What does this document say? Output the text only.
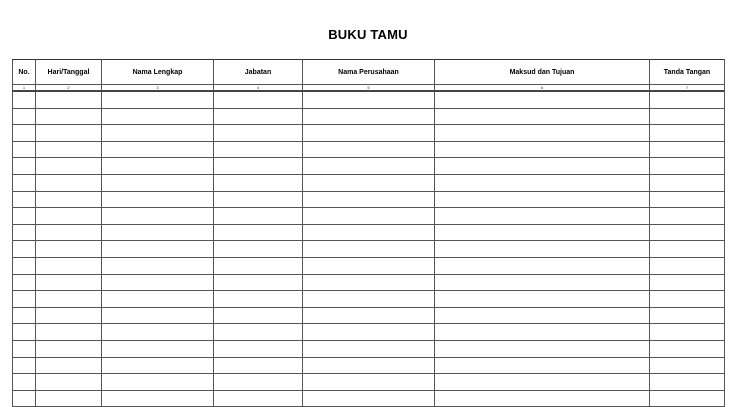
BUKU TAMU
No.	Hari/Tanggal	Nama Lengkap	Jabatan	Nama Perusahaan	Maksud dan Tujuan	Tanda Tangan
1	2	3	4	5	6	7
